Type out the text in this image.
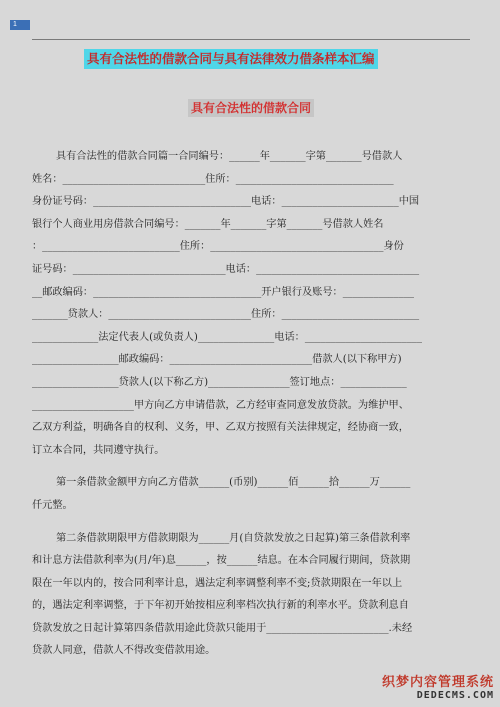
1
具有合法性的借款合同与具有法律效力借条样本汇编
具有合法性的借款合同
具有合法性的借款合同篇一合同编号：______年_______字第_______号借款人
姓名：____________________________住所：_______________________________
身份证号码：_______________________________电话：_______________________中国
银行个人商业用房借款合同编号：_______年_______字第_______号借款人姓名
：___________________________住所：__________________________________身份
证号码：______________________________电话：________________________________
__邮政编码：_________________________________开户银行及账号：______________
_______贷款人：____________________________住所：___________________________
_____________法定代表人(或负责人)_______________电话：_______________________
_________________邮政编码：____________________________借款人(以下称甲方)
_________________贷款人(以下称乙方)________________签订地点：_____________
____________________甲方向乙方申请借款，乙方经审查同意发放贷款。为维护甲、
乙双方利益，明确各自的权利、义务，甲、乙双方按照有关法律规定，经协商一致，
订立本合同，共同遵守执行。
第一条借款金额甲方向乙方借款______(币别)______佰______拾______万______
仟元整。
第二条借款期限甲方借款期限为______月(自贷款发放之日起算)第三条借款利率
和计息方法借款利率为(月/年)息______，按______结息。在本合同履行期间，贷款期
限在一年以内的，按合同利率计息，遇法定利率调整利率不变;贷款期限在一年以上
的，遇法定利率调整，于下年初开始按相应利率档次执行新的利率水平。贷款利息自
贷款发放之日起计算第四条借款用途此贷款只能用于________________________.未经
贷款人同意，借款人不得改变借款用途。
织梦内容管理系统
DEDECMS.COM
